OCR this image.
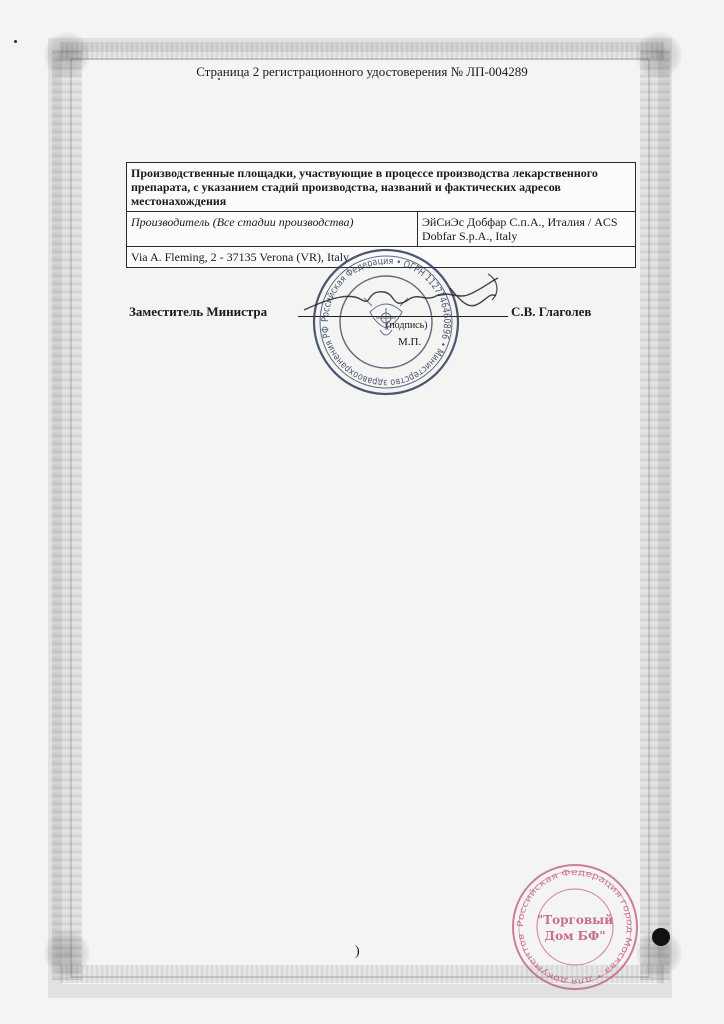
Страница 2 регистрационного удостоверения № ЛП-004289
Производственные площадки, участвующие в процессе производства лекарственного препарата, с указанием стадий производства, названий и фактических адресов местонахождения
Производитель (Все стадии производства)	ЭйСиЭс Добфар С.п.А., Италия / ACS Dobfar S.p.A., Italy
Via A. Fleming, 2 - 37135 Verona (VR), Italy
Заместитель Министра	С.В. Глаголев
Российская Федерация • ОГРН 1127746460896 • Министерство здравоохранения РФ	(подпись)
М.П.
Российская Федерация город Москва • для документов
"Торговый
Дом БФ"
)
